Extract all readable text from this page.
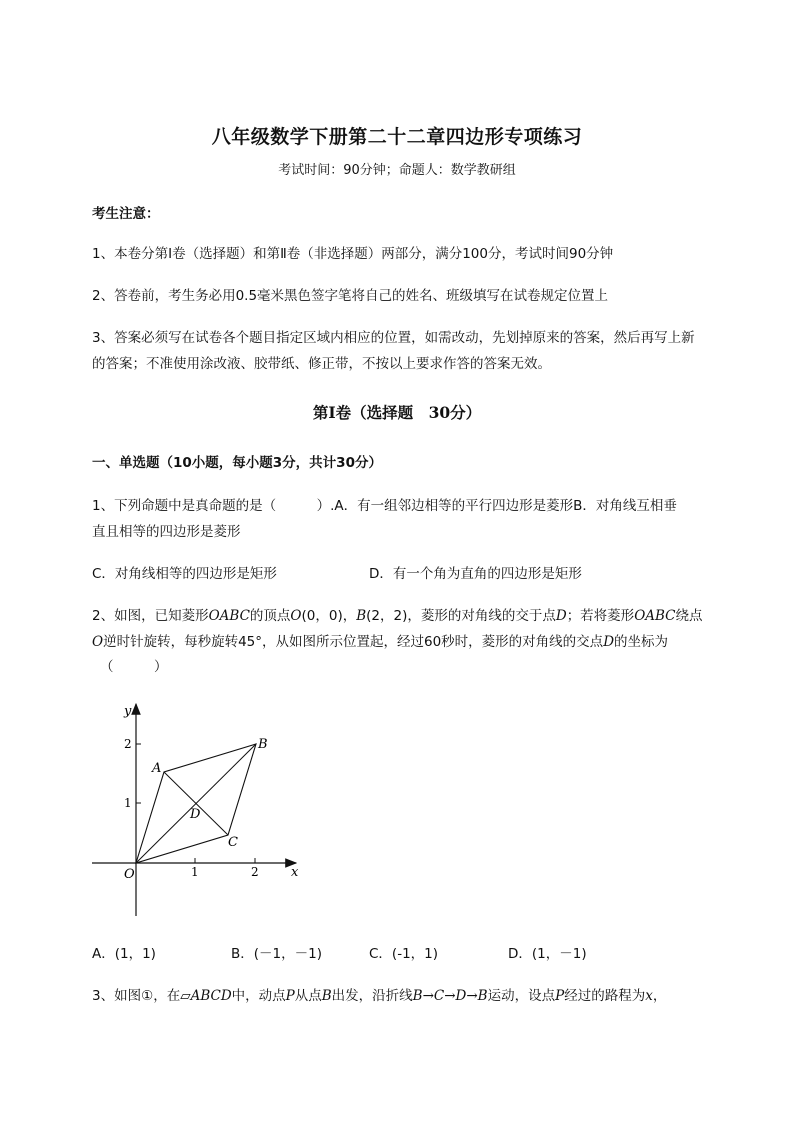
八年级数学下册第二十二章四边形专项练习
考试时间：90分钟；命题人：数学教研组
考生注意：
1、本卷分第I卷（选择题）和第Ⅱ卷（非选择题）两部分，满分100分，考试时间90分钟
2、答卷前，考生务必用0.5毫米黑色签字笔将自己的姓名、班级填写在试卷规定位置上
3、答案必须写在试卷各个题目指定区域内相应的位置，如需改动，先划掉原来的答案，然后再写上新
的答案；不准使用涂改液、胶带纸、修正带，不按以上要求作答的答案无效。
第I卷（选择题　30分）
一、单选题（10小题，每小题3分，共计30分）
1、下列命题中是真命题的是（　　　）.A．有一组邻边相等的平行四边形是菱形B．对角线互相垂
直且相等的四边形是菱形
C．对角线相等的四边形是矩形	D．有一个角为直角的四边形是矩形
2、如图，已知菱形OABC的顶点O(0，0)，B(2，2)，菱形的对角线的交于点D；若将菱形OABC绕点
O逆时针旋转，每秒旋转45°，从如图所示位置起，经过60秒时，菱形的对角线的交点D的坐标为
（　　　）
x
y
O	1	2
1
2
A
B
C
D
A．(1，1)	B．(－1，－1)	C．(-1，1)	D．(1，－1)
3、如图①，在▱ABCD中，动点P从点B出发，沿折线B→C→D→B运动，设点P经过的路程为x，
